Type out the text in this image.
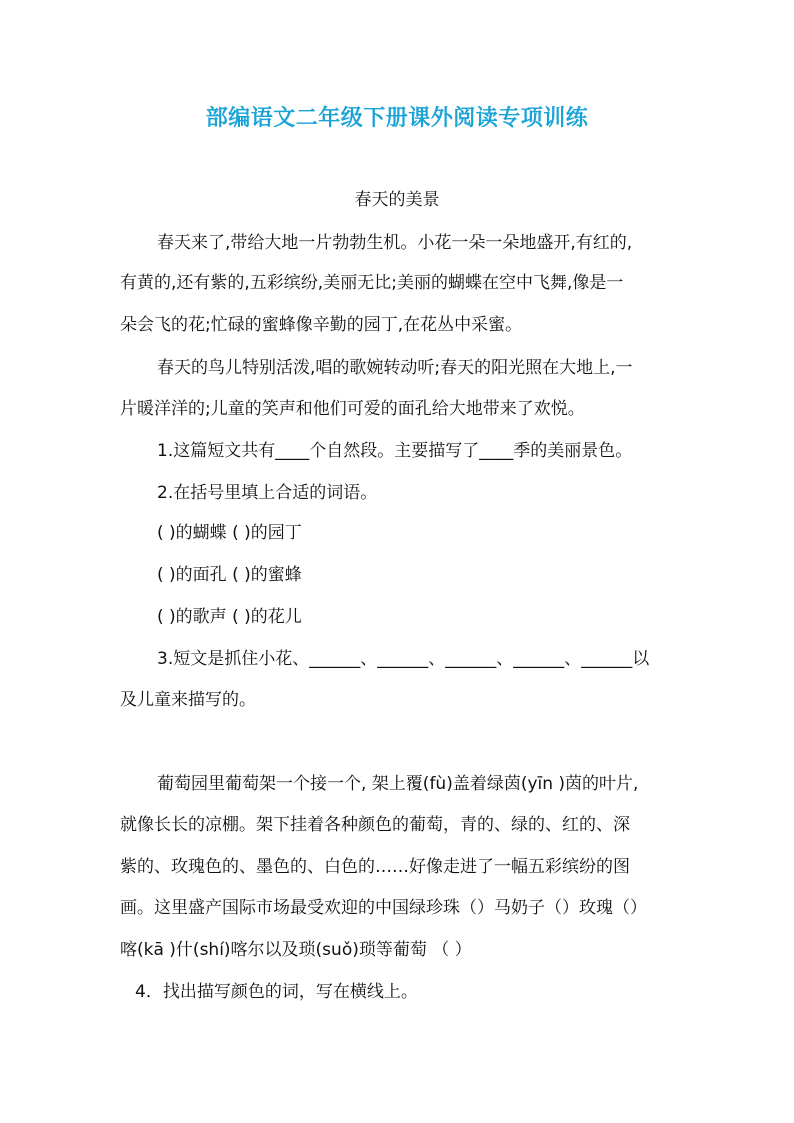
部编语文二年级下册课外阅读专项训练
春天的美景
春天来了,带给大地一片勃勃生机。小花一朵一朵地盛开,有红的,
有黄的,还有紫的,五彩缤纷,美丽无比;美丽的蝴蝶在空中飞舞,像是一
朵会飞的花;忙碌的蜜蜂像辛勤的园丁,在花丛中采蜜。
春天的鸟儿特别活泼,唱的歌婉转动听;春天的阳光照在大地上,一
片暖洋洋的;儿童的笑声和他们可爱的面孔给大地带来了欢悦。
1.这篇短文共有____个自然段。主要描写了____季的美丽景色。
2.在括号里填上合适的词语。
( )的蝴蝶 ( )的园丁
( )的面孔 ( )的蜜蜂
( )的歌声 ( )的花儿
3.短文是抓住小花、______、______、______、______、______以
及儿童来描写的。
葡萄园里葡萄架一个接一个, 架上覆(fù)盖着绿茵(yīn )茵的叶片,
就像长长的凉棚。架下挂着各种颜色的葡萄，青的、绿的、红的、深
紫的、玫瑰色的、墨色的、白色的……好像走进了一幅五彩缤纷的图
画。这里盛产国际市场最受欢迎的中国绿珍珠（）马奶子（）玫瑰（）
喀(kā )什(shí)喀尔以及琐(suǒ)琐等葡萄 （ ）
4．找出描写颜色的词，写在横线上。
